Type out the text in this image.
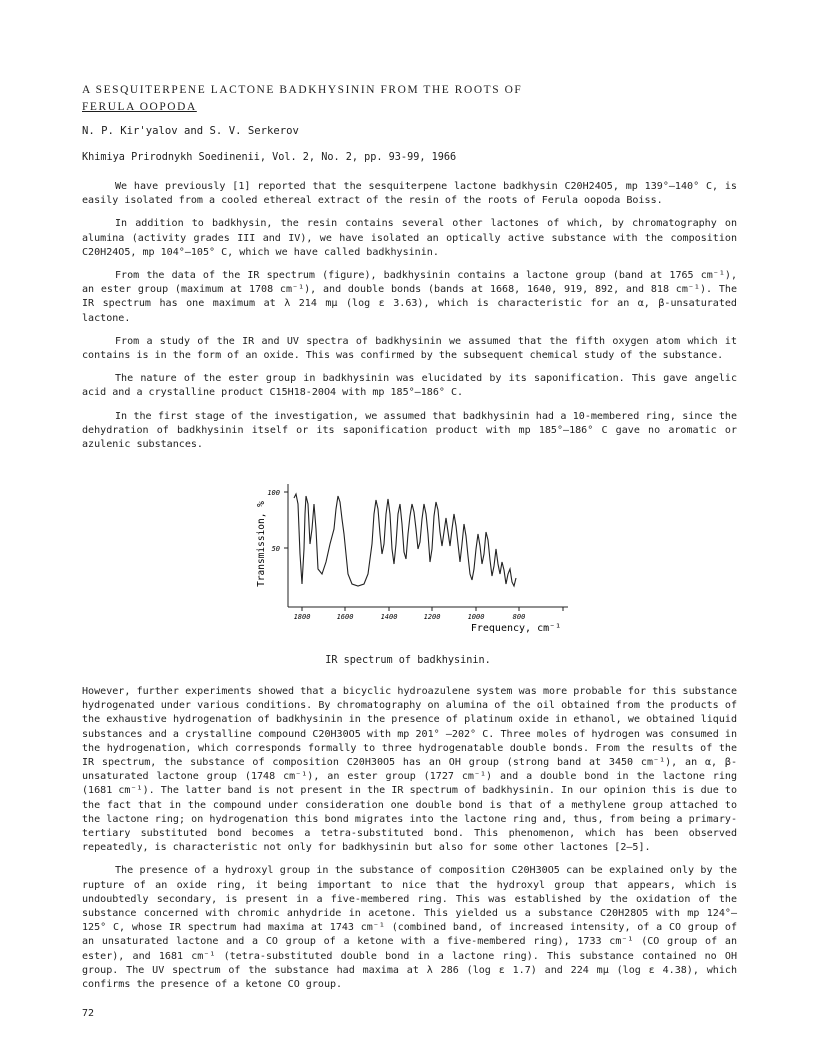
A SESQUITERPENE LACTONE BADKHYSININ FROM THE ROOTS OF
FERULA OOPODA
N. P. Kir'yalov and S. V. Serkerov
Khimiya Prirodnykh Soedinenii, Vol. 2, No. 2, pp. 93-99, 1966

We have previously [1] reported that the sesquiterpene lactone badkhysin C20H24O5, mp 139°–140° C, is easily isolated from a cooled ethereal extract of the resin of the roots of Ferula oopoda Boiss.

In addition to badkhysin, the resin contains several other lactones of which, by chromatography on alumina (activity grades III and IV), we have isolated an optically active substance with the composition C20H24O5, mp 104°–105° C, which we have called badkhysinin.

From the data of the IR spectrum (figure), badkhysinin contains a lactone group (band at 1765 cm⁻¹), an ester group (maximum at 1708 cm⁻¹), and double bonds (bands at 1668, 1640, 919, 892, and 818 cm⁻¹). The IR spectrum has one maximum at λ 214 mμ (log ε 3.63), which is characteristic for an α, β-unsaturated lactone.

From a study of the IR and UV spectra of badkhysinin we assumed that the fifth oxygen atom which it contains is in the form of an oxide. This was confirmed by the subsequent chemical study of the substance.

The nature of the ester group in badkhysinin was elucidated by its saponification. This gave angelic acid and a crystalline product C15H18-20O4 with mp 185°–186° C.

In the first stage of the investigation, we assumed that badkhysinin had a 10-membered ring, since the dehydration of badkhysinin itself or its saponification product with mp 185°–186° C gave no aromatic or azulenic substances.

100
50
Transmission, %
1800	1600	1400	1200	1000	800
Frequency, cm⁻¹
IR spectrum of badkhysinin.

However, further experiments showed that a bicyclic hydroazulene system was more probable for this substance hydrogenated under various conditions. By chromatography on alumina of the oil obtained from the products of the exhaustive hydrogenation of badkhysinin in the presence of platinum oxide in ethanol, we obtained liquid substances and a crystalline compound C20H30O5 with mp 201° –202° C. Three moles of hydrogen was consumed in the hydrogenation, which corresponds formally to three hydrogenatable double bonds. From the results of the IR spectrum, the substance of composition C20H30O5 has an OH group (strong band at 3450 cm⁻¹), an α, β-unsaturated lactone group (1748 cm⁻¹), an ester group (1727 cm⁻¹) and a double bond in the lactone ring (1681 cm⁻¹). The latter band is not present in the IR spectrum of badkhysinin. In our opinion this is due to the fact that in the compound under consideration one double bond is that of a methylene group attached to the lactone ring; on hydrogenation this bond migrates into the lactone ring and, thus, from being a primary-tertiary substituted bond becomes a tetra-substituted bond. This phenomenon, which has been observed repeatedly, is characteristic not only for badkhysinin but also for some other lactones [2–5].

The presence of a hydroxyl group in the substance of composition C20H30O5 can be explained only by the rupture of an oxide ring, it being important to nice that the hydroxyl group that appears, which is undoubtedly secondary, is present in a five-membered ring. This was established by the oxidation of the substance concerned with chromic anhydride in acetone. This yielded us a substance C20H28O5 with mp 124°–125° C, whose IR spectrum had maxima at 1743 cm⁻¹ (combined band, of increased intensity, of a CO group of an unsaturated lactone and a CO group of a ketone with a five-membered ring), 1733 cm⁻¹ (CO group of an ester), and 1681 cm⁻¹ (tetra-substituted double bond in a lactone ring). This substance contained no OH group. The UV spectrum of the substance had maxima at λ 286 (log ε 1.7) and 224 mμ (log ε 4.38), which confirms the presence of a ketone CO group.

72
